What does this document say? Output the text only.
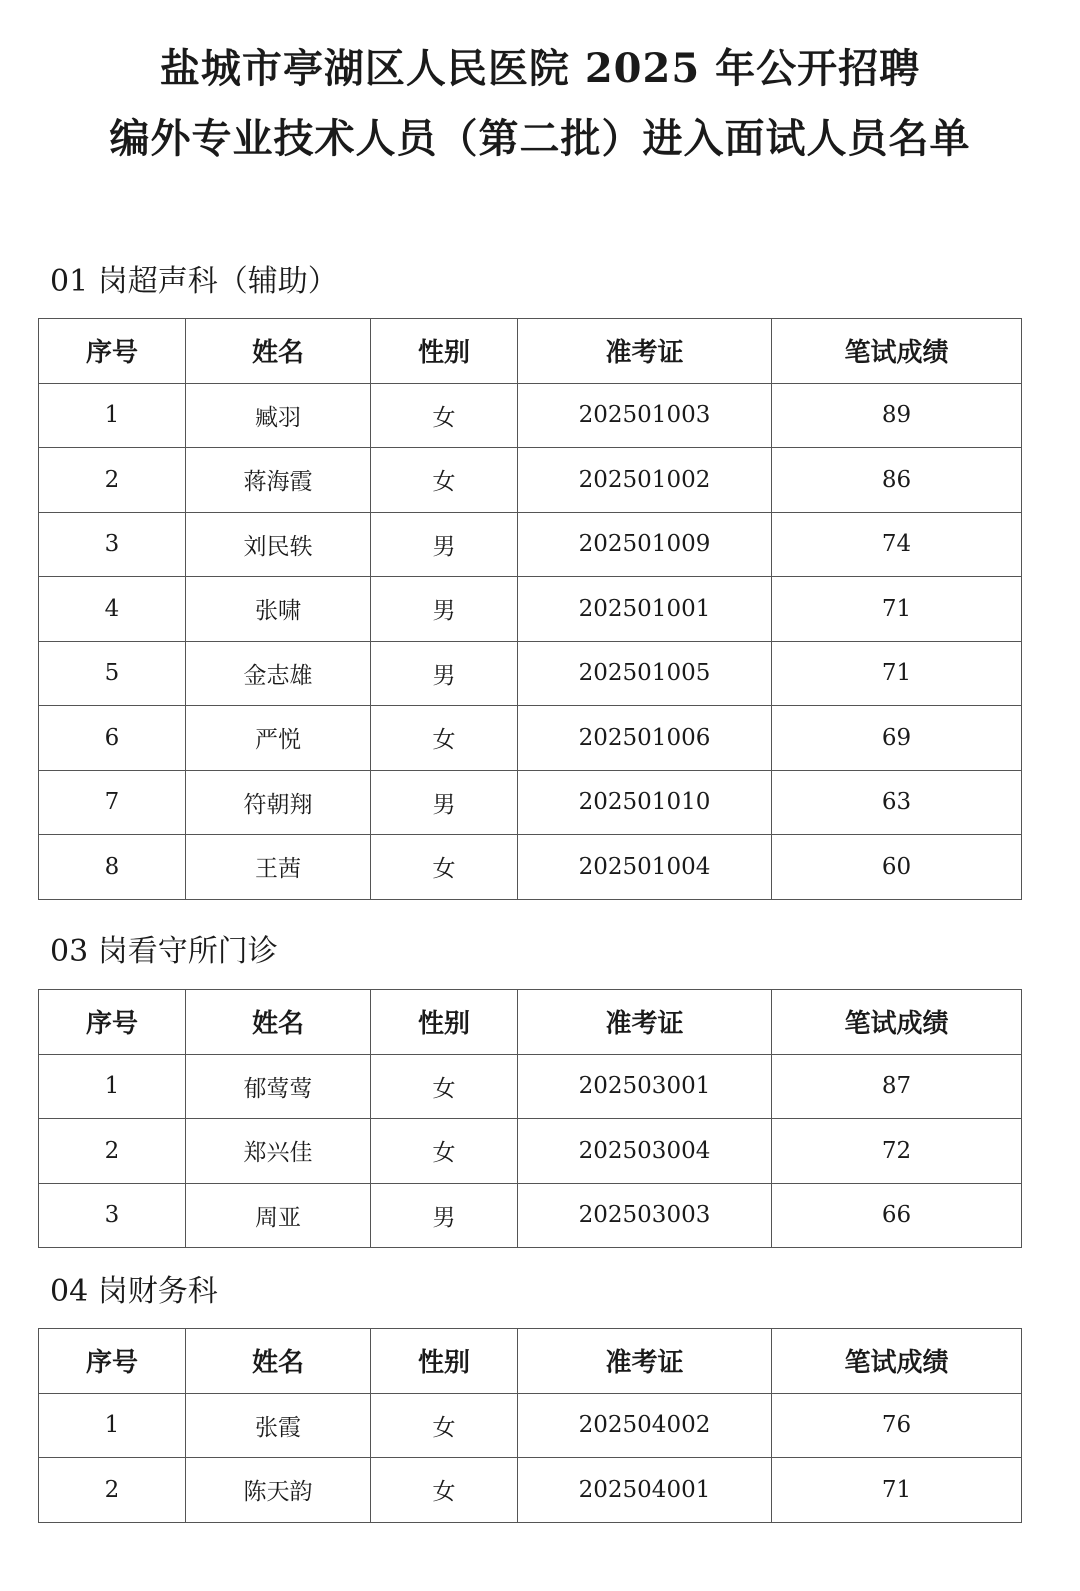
盐城市亭湖区人民医院 2025 年公开招聘
编外专业技术人员（第二批）进入面试人员名单
01 岗超声科（辅助）
序号	姓名	性别	准考证	笔试成绩
1	臧羽	女	202501003	89
2	蒋海霞	女	202501002	86
3	刘民轶	男	202501009	74
4	张啸	男	202501001	71
5	金志雄	男	202501005	71
6	严悦	女	202501006	69
7	符朝翔	男	202501010	63
8	王茜	女	202501004	60
03 岗看守所门诊
序号	姓名	性别	准考证	笔试成绩
1	郁莺莺	女	202503001	87
2	郑兴佳	女	202503004	72
3	周亚	男	202503003	66
04 岗财务科
序号	姓名	性别	准考证	笔试成绩
1	张霞	女	202504002	76
2	陈天韵	女	202504001	71
